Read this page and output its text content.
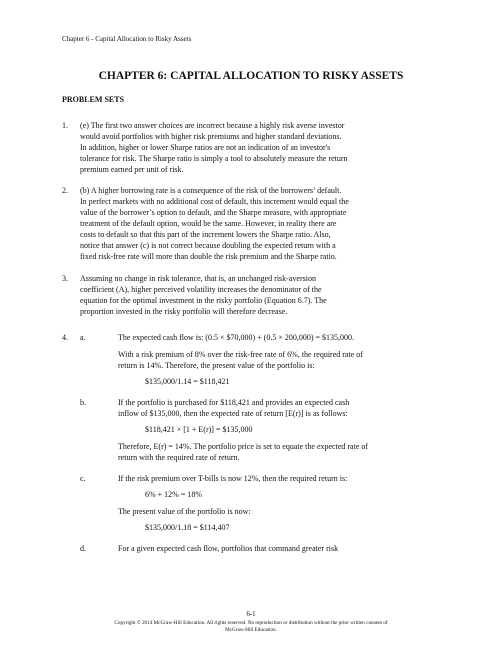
Chapter 6 - Capital Allocation to Risky Assets
CHAPTER 6: CAPITAL ALLOCATION TO RISKY ASSETS
PROBLEM SETS
1. (e) The first two answer choices are incorrect because a highly risk averse investor
would avoid portfolios with higher risk premiums and higher standard deviations.
In addition, higher or lower Sharpe ratios are not an indication of an investor's
tolerance for risk. The Sharpe ratio is simply a tool to absolutely measure the return
premium earned per unit of risk.
2. (b) A higher borrowing rate is a consequence of the risk of the borrowers’ default.
In perfect markets with no additional cost of default, this increment would equal the
value of the borrower’s option to default, and the Sharpe measure, with appropriate
treatment of the default option, would be the same. However, in reality there are
costs to default so that this part of the increment lowers the Sharpe ratio. Also,
notice that answer (c) is not correct because doubling the expected return with a
fixed risk-free rate will more than double the risk premium and the Sharpe ratio.
3. Assuming no change in risk tolerance, that is, an unchanged risk-aversion
coefficient (A), higher perceived volatility increases the denominator of the
equation for the optimal investment in the risky portfolio (Equation 6.7). The
proportion invested in the risky portfolio will therefore decrease.
4. a.	The expected cash flow is: (0.5 × $70,000) + (0.5 × 200,000) = $135,000.
With a risk premium of 8% over the risk-free rate of 6%, the required rate of
return is 14%. Therefore, the present value of the portfolio is:
$135,000/1.14 = $118,421
b.	If the portfolio is purchased for $118,421 and provides an expected cash
inflow of $135,000, then the expected rate of return [E(r)] is as follows:
$118,421 × [1 + E(r)] = $135,000
Therefore, E(r) = 14%. The portfolio price is set to equate the expected rate of
return with the required rate of return.
c.	If the risk premium over T-bills is now 12%, then the required return is:
6% + 12% = 18%
The present value of the portfolio is now:
$135,000/1.18 = $114,407
d.	For a given expected cash flow, portfolios that command greater risk
6-1
Copyright © 2014 McGraw-Hill Education. All rights reserved. No reproduction or distribution without the prior written consent of
McGraw-Hill Education.
